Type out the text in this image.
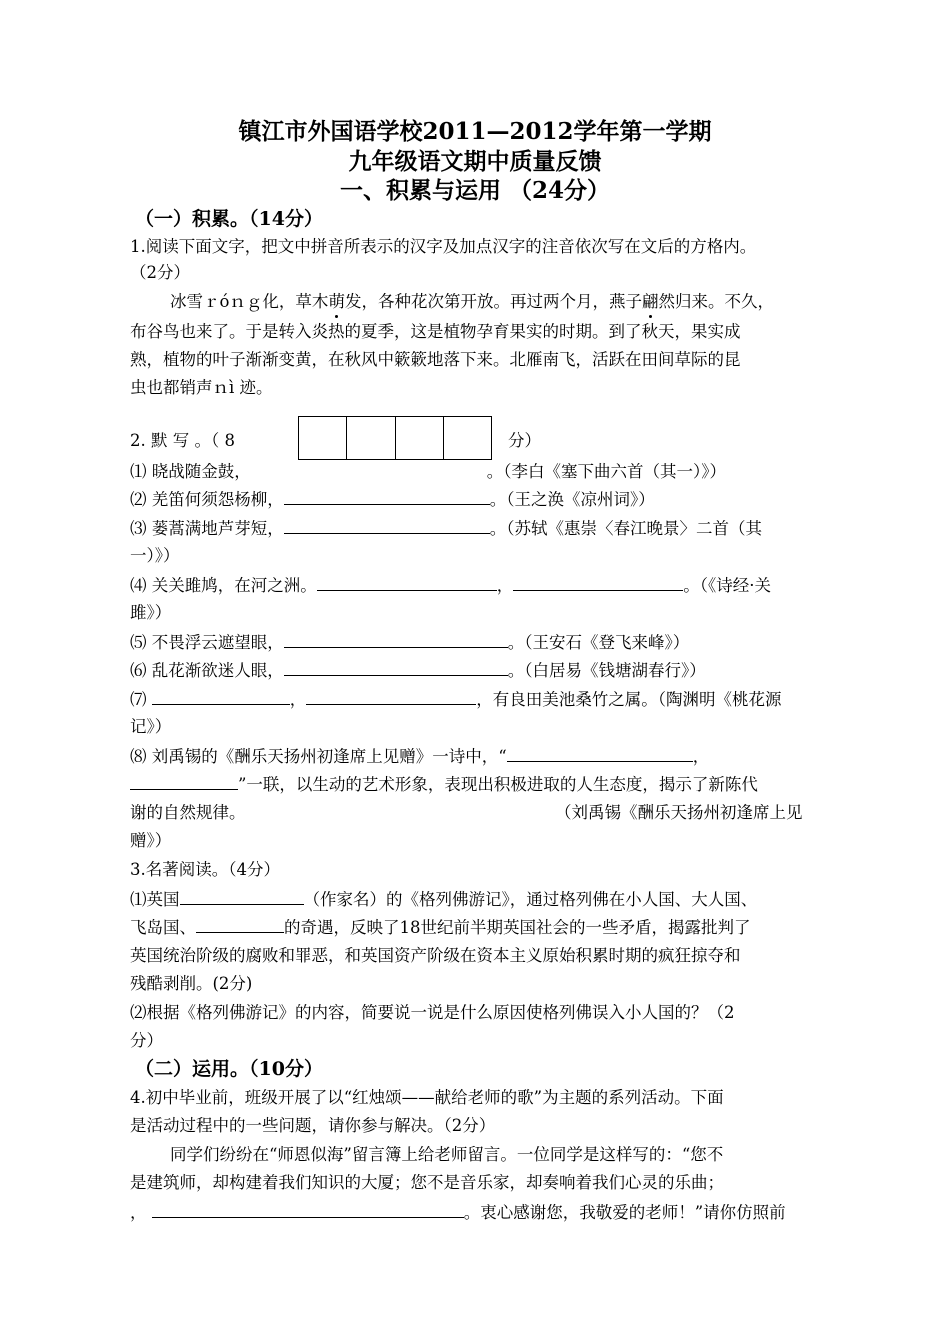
镇江市外国语学校2011—2012学年第一学期
九年级语文期中质量反馈
一、积累与运用 （24分）
（一）积累。（14分）
1.阅读下面文字，把文中拼音所表示的汉字及加点汉字的注音依次写在文后的方格内。
（2分）
冰雪ｒóｎｇ化，草木萌发，各种花次第开放。再过两个月，燕子翩然归来。不久，
布谷鸟也来了。于是转入炎热的夏季，这是植物孕育果实的时期。到了秋天，果实成
熟，植物的叶子渐渐变黄，在秋风中簌簌地落下来。北雁南飞，活跃在田间草际的昆
虫也都销声ｎì 迹。
2. 默 写 。（ 8	分）
⑴ 晓战随金鼓，	。（李白《塞下曲六首（其一）》）
⑵ 羌笛何须怨杨柳，	。（王之涣《凉州词》）
⑶ 蒌蒿满地芦芽短，	。（苏轼《惠崇〈春江晚景〉二首（其
一）》）
⑷ 关关雎鸠，在河之洲。	，	。（《诗经·关
雎》）
⑸ 不畏浮云遮望眼，	。（王安石《登飞来峰》）
⑹ 乱花渐欲迷人眼，	。（白居易《钱塘湖春行》）
⑺	，	，有良田美池桑竹之属。（陶渊明《桃花源
记》）
⑻ 刘禹锡的《酬乐天扬州初逢席上见赠》一诗中，“	，
”一联，以生动的艺术形象，表现出积极进取的人生态度，揭示了新陈代
谢的自然规律。	（刘禹锡《酬乐天扬州初逢席上见
赠》）
3.名著阅读。（4分）
⑴英国	（作家名）的《格列佛游记》，通过格列佛在小人国、大人国、
飞岛国、	的奇遇，反映了18世纪前半期英国社会的一些矛盾，揭露批判了
英国统治阶级的腐败和罪恶，和英国资产阶级在资本主义原始积累时期的疯狂掠夺和
残酷剥削。(2分)
⑵根据《格列佛游记》的内容，简要说一说是什么原因使格列佛误入小人国的？（2
分）
（二）运用。（10分）
4.初中毕业前，班级开展了以“红烛颂——献给老师的歌”为主题的系列活动。下面
是活动过程中的一些问题，请你参与解决。（2分）
同学们纷纷在“师恩似海”留言簿上给老师留言。一位同学是这样写的：“您不
是建筑师，却构建着我们知识的大厦；您不是音乐家，却奏响着我们心灵的乐曲；
，	。衷心感谢您，我敬爱的老师！”请你仿照前
